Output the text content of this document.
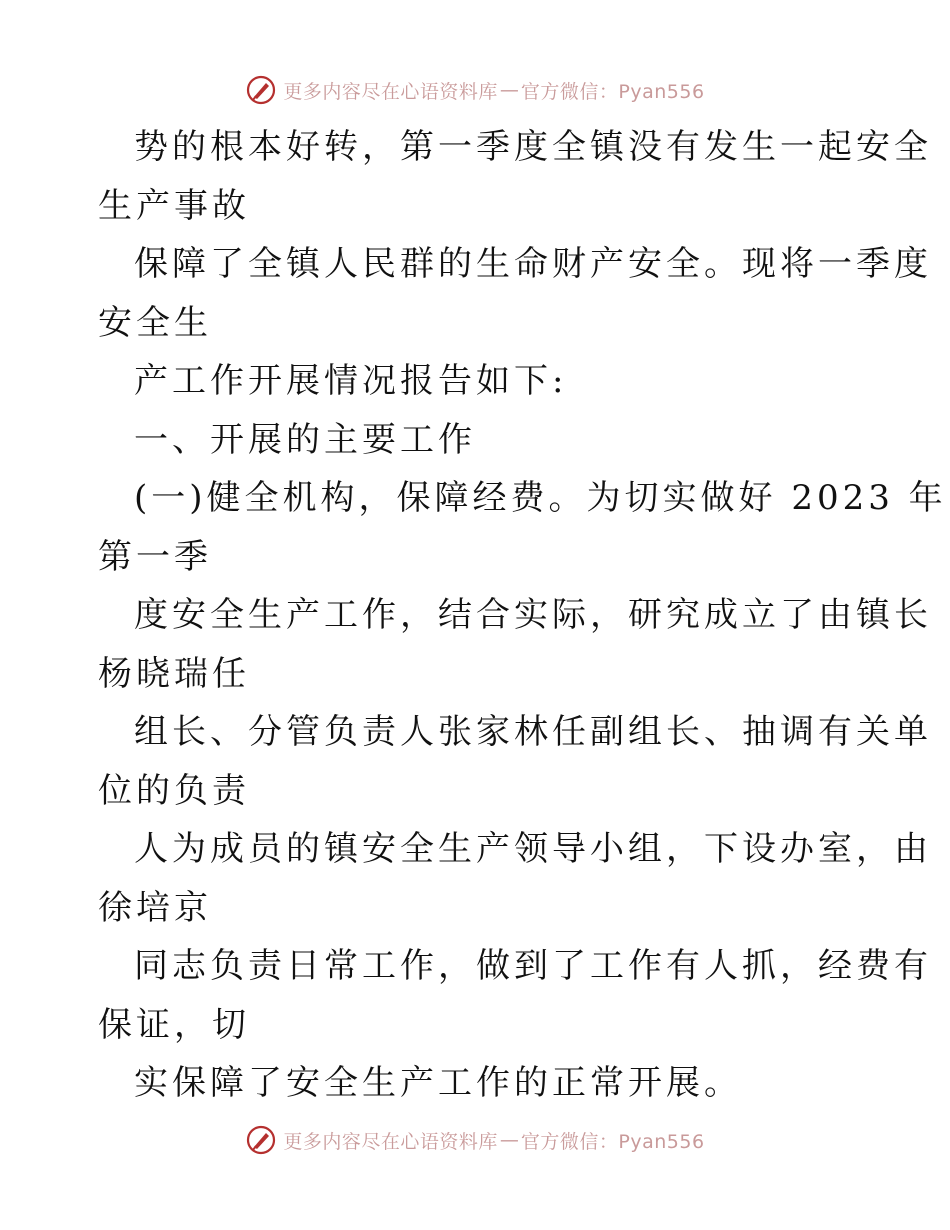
更多内容尽在心语资料库 — 官方微信：Pyan556
势的根本好转，第一季度全镇没有发生一起安全
生产事故
保障了全镇人民群的生命财产安全。现将一季度
安全生
产工作开展情况报告如下:
一、开展的主要工作
(一)健全机构，保障经费。为切实做好 2023 年
第一季
度安全生产工作，结合实际，研究成立了由镇长
杨晓瑞任
组长、分管负责人张家林任副组长、抽调有关单
位的负责
人为成员的镇安全生产领导小组，下设办室，由
徐培京
同志负责日常工作，做到了工作有人抓，经费有
保证，切
实保障了安全生产工作的正常开展。
更多内容尽在心语资料库 — 官方微信：Pyan556
